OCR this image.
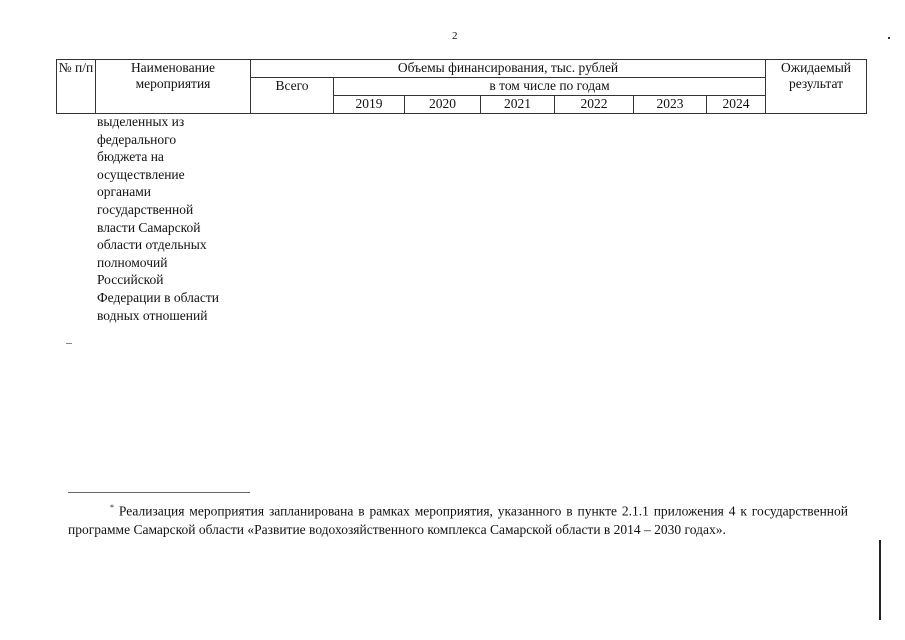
2
№ п/п	Наименование мероприятия	Объемы финансирования, тыс. рублей							Ожидаемый результат
		Всего	в том числе по годам						
			2019	2020	2021	2022	2023	2024	
выделенных из
федерального
бюджета на
осуществление
органами
государственной
власти Самарской
области отдельных
полномочий
Российской
Федерации в области
водных отношений
* Реализация мероприятия запланирована в рамках мероприятия, указанного в пункте 2.1.1 приложения 4 к государственной программе Самарской области «Развитие водохозяйственного комплекса Самарской области в 2014 – 2030 годах».
